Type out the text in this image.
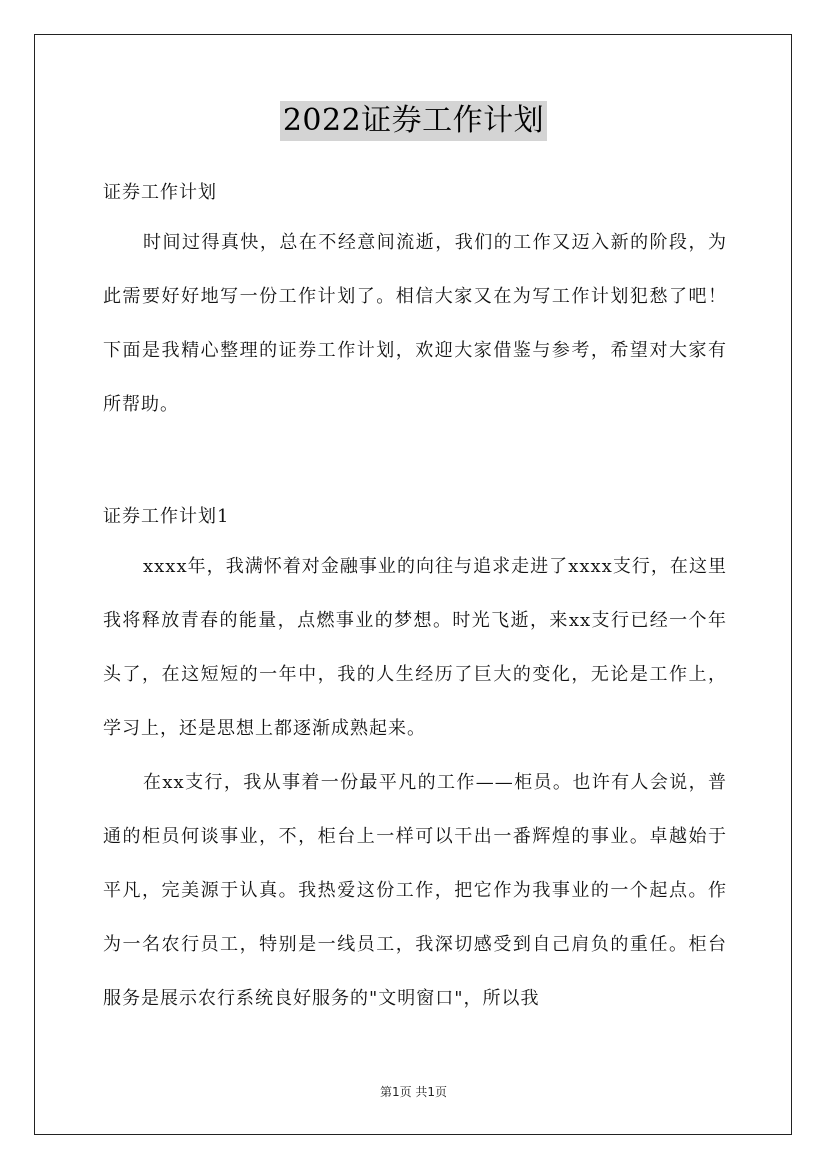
2022证券工作计划

证券工作计划

时间过得真快，总在不经意间流逝，我们的工作又迈入新的阶段，为此需要好好地写一份工作计划了。相信大家又在为写工作计划犯愁了吧！下面是我精心整理的证券工作计划，欢迎大家借鉴与参考，希望对大家有所帮助。

证券工作计划1

xxxx年，我满怀着对金融事业的向往与追求走进了xxxx支行，在这里我将释放青春的能量，点燃事业的梦想。时光飞逝，来xx支行已经一个年头了，在这短短的一年中，我的人生经历了巨大的变化，无论是工作上，学习上，还是思想上都逐渐成熟起来。

在xx支行，我从事着一份最平凡的工作——柜员。也许有人会说，普通的柜员何谈事业，不，柜台上一样可以干出一番辉煌的事业。卓越始于平凡，完美源于认真。我热爱这份工作，把它作为我事业的一个起点。作为一名农行员工，特别是一线员工，我深切感受到自己肩负的重任。柜台服务是展示农行系统良好服务的"文明窗口"，所以我

第1页 共1页
